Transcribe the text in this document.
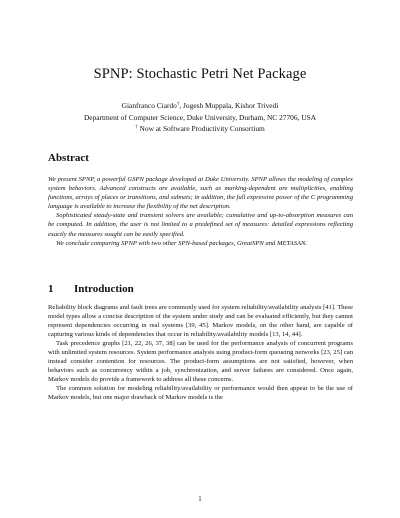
SPNP: Stochastic Petri Net Package
Gianfranco Ciardo†, Jogesh Muppala, Kishor Trivedi
Department of Computer Science, Duke University, Durham, NC 27706, USA
† Now at Software Productivity Consortium
Abstract

We present SPNP, a powerful GSPN package developed at Duke University. SPNP allows the modeling of complex system behaviors. Advanced constructs are available, such as marking-dependent are multiplicities, enabling functions, arrays of places or transitions, and subnets; in addition, the full expressive power of the C programming language is available to increase the flexibility of the net description.

Sophisticated steady-state and transient solvers are available; cumulative and up-to-absorption measures can be computed. In addition, the user is not limited to a predefined set of measures: detailed expressions reflecting exactly the measures sought can be easily specified.

We conclude comparing SPNP with two other SPN-based packages, GreatSPN and METASAN.

1 Introduction

Reliability block diagrams and fault trees are commonly used for system reliability/availability analysis [41]. These model types allow a concise description of the system under study and can be evaluated efficiently, but they cannot represent dependencies occurring in real systems [39, 45]. Markov models, on the other hand, are capable of capturing various kinds of dependencies that occur in reliability/availability models [13, 14, 44].

Task precedence graphs [21, 22, 26, 37, 38] can be used for the performance analysis of concurrent programs with unlimited system resources. System performance analysis using product-form queueing networks [23, 25] can instead consider contention for resources. The product-form assumptions are not satisfied, however, when behaviors such as concurrency within a job, synchronization, and server failures are considered. Once again, Markov models do provide a framework to address all these concerns.

The common solution for modeling reliability/availability or performance would then appear to be the use of Markov models, but one major drawback of Markov models is the

1
